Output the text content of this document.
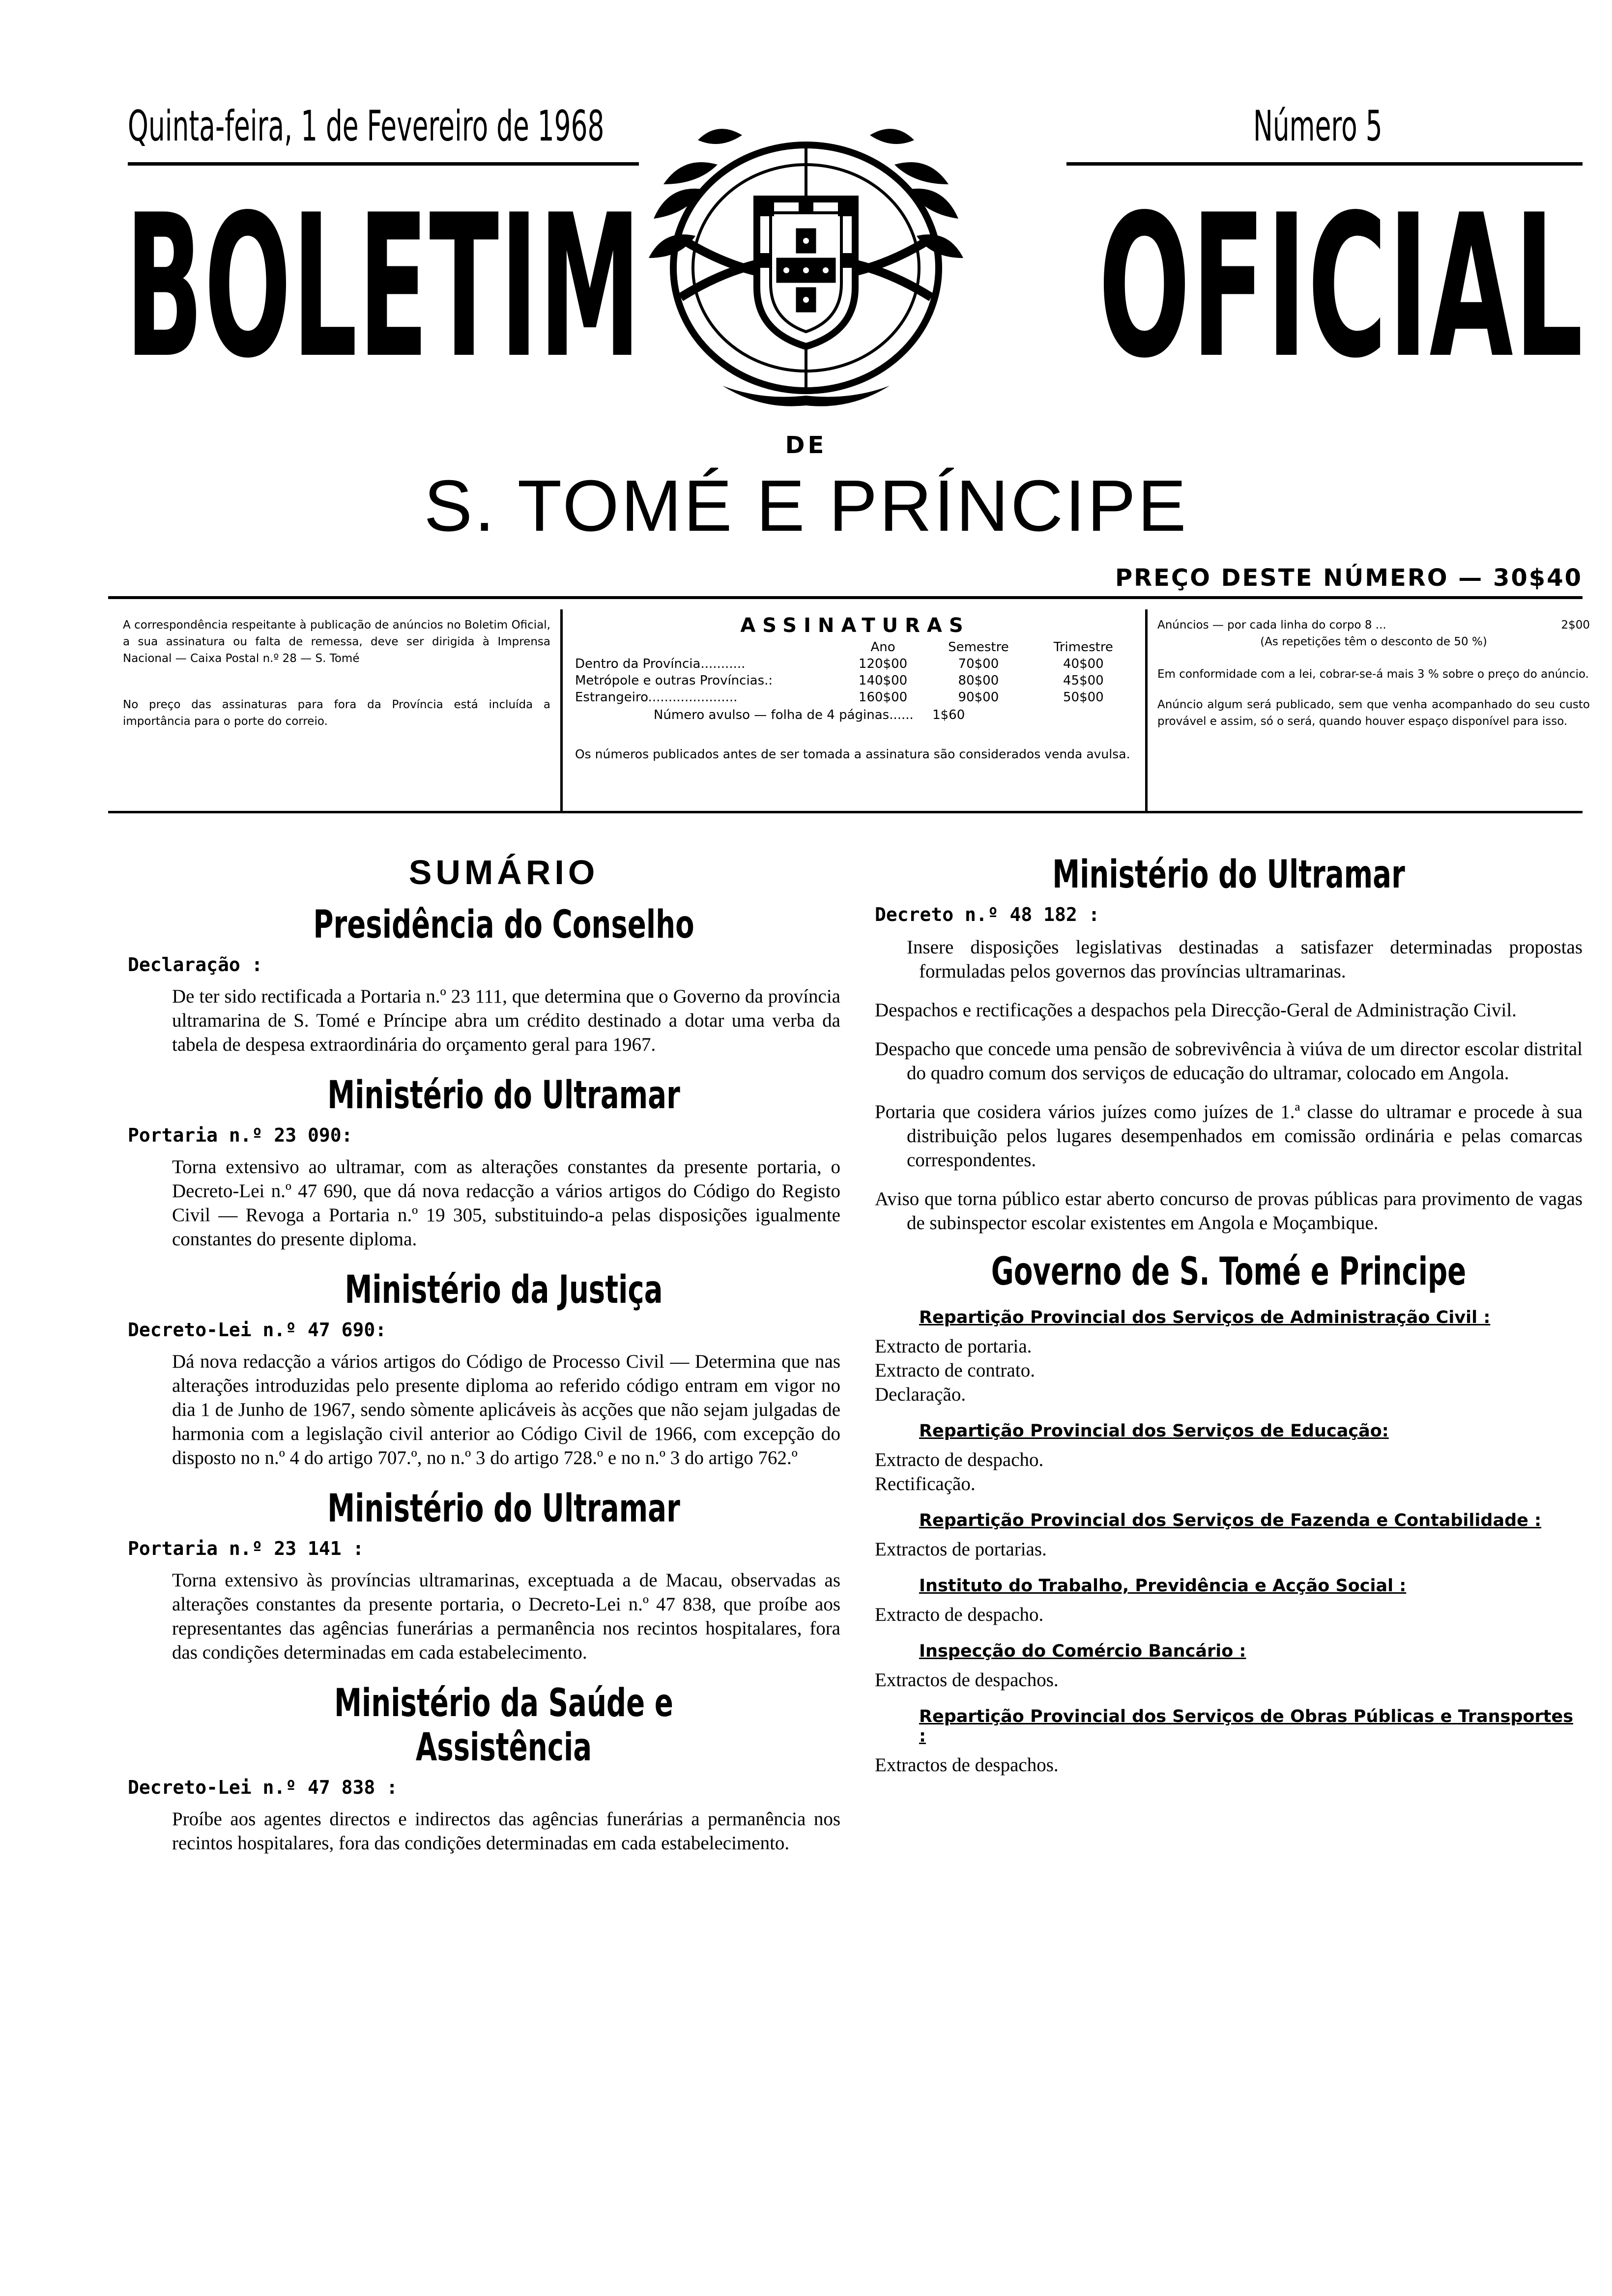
Quinta-feira, 1 de Fevereiro de 1968	Número 5
BOLETIM OFICIAL
DE
S. TOMÉ E PRÍNCIPE
PREÇO DESTE NÚMERO — 30$40
A correspondência respeitante à publicação de anúncios no Boletim Oficial, a sua assinatura ou falta de remessa, deve ser dirigida à Imprensa Nacional — Caixa Postal n.º 28 — S. Tomé
No preço das assinaturas para fora da Província está incluída a importância para o porte do correio.
ASSINATURAS
	Ano	Semestre	Trimestre
Dentro da Província...........	120$00	70$00	40$00
Metrópole e outras Províncias.:	140$00	80$00	45$00
Estrangeiro......................	160$00	90$00	50$00
Número avulso — folha de 4 páginas...... 1$60
Os números publicados antes de ser tomada a assinatura são considerados venda avulsa.
Anúncios — por cada linha do corpo 8 ...	2$00
(As repetições têm o desconto de 50 %)
Em conformidade com a lei, cobrar-se-á mais 3 % sobre o preço do anúncio.
Anúncio algum será publicado, sem que venha acompanhado do seu custo provável e assim, só o será, quando houver espaço disponível para isso.
SUMÁRIO
Presidência do Conselho
Declaração :
De ter sido rectificada a Portaria n.º 23 111, que determina que o Governo da província ultramarina de S. Tomé e Príncipe abra um crédito destinado a dotar uma verba da tabela de despesa extraordinária do orçamento geral para 1967.
Ministério do Ultramar
Portaria n.º 23 090:
Torna extensivo ao ultramar, com as alterações constantes da presente portaria, o Decreto-Lei n.º 47 690, que dá nova redacção a vários artigos do Código do Registo Civil — Revoga a Portaria n.º 19 305, substituindo-a pelas disposições igualmente constantes do presente diploma.
Ministério da Justiça
Decreto-Lei n.º 47 690:
Dá nova redacção a vários artigos do Código de Processo Civil — Determina que nas alterações introduzidas pelo presente diploma ao referido código entram em vigor no dia 1 de Junho de 1967, sendo sòmente aplicáveis às acções que não sejam julgadas de harmonia com a legislação civil anterior ao Código Civil de 1966, com excepção do disposto no n.º 4 do artigo 707.º, no n.º 3 do artigo 728.º e no n.º 3 do artigo 762.º
Ministério do Ultramar
Portaria n.º 23 141 :
Torna extensivo às províncias ultramarinas, exceptuada a de Macau, observadas as alterações constantes da presente portaria, o Decreto-Lei n.º 47 838, que proíbe aos representantes das agências funerárias a permanência nos recintos hospitalares, fora das condições determinadas em cada estabelecimento.
Ministério da Saúde e Assistência
Decreto-Lei n.º 47 838 :
Proíbe aos agentes directos e indirectos das agências funerárias a permanência nos recintos hospitalares, fora das condições determinadas em cada estabelecimento.
Ministério do Ultramar
Decreto n.º 48 182 :
Insere disposições legislativas destinadas a satisfazer determinadas propostas formuladas pelos governos das províncias ultramarinas.
Despachos e rectificações a despachos pela Direcção-Geral de Administração Civil.
Despacho que concede uma pensão de sobrevivência à viúva de um director escolar distrital do quadro comum dos serviços de educação do ultramar, colocado em Angola.
Portaria que cosidera vários juízes como juízes de 1.ª classe do ultramar e procede à sua distribuição pelos lugares desempenhados em comissão ordinária e pelas comarcas correspondentes.
Aviso que torna público estar aberto concurso de provas públicas para provimento de vagas de subinspector escolar existentes em Angola e Moçambique.
Governo de S. Tomé e Principe
Repartição Provincial dos Serviços de Administração Civil :
Extracto de portaria.
Extracto de contrato.
Declaração.
Repartição Provincial dos Serviços de Educação:
Extracto de despacho.
Rectificação.
Repartição Provincial dos Serviços de Fazenda e Contabilidade :
Extractos de portarias.
Instituto do Trabalho, Previdência e Acção Social :
Extracto de despacho.
Inspecção do Comércio Bancário :
Extractos de despachos.
Repartição Provincial dos Serviços de Obras Públicas e Transportes :
Extractos de despachos.
